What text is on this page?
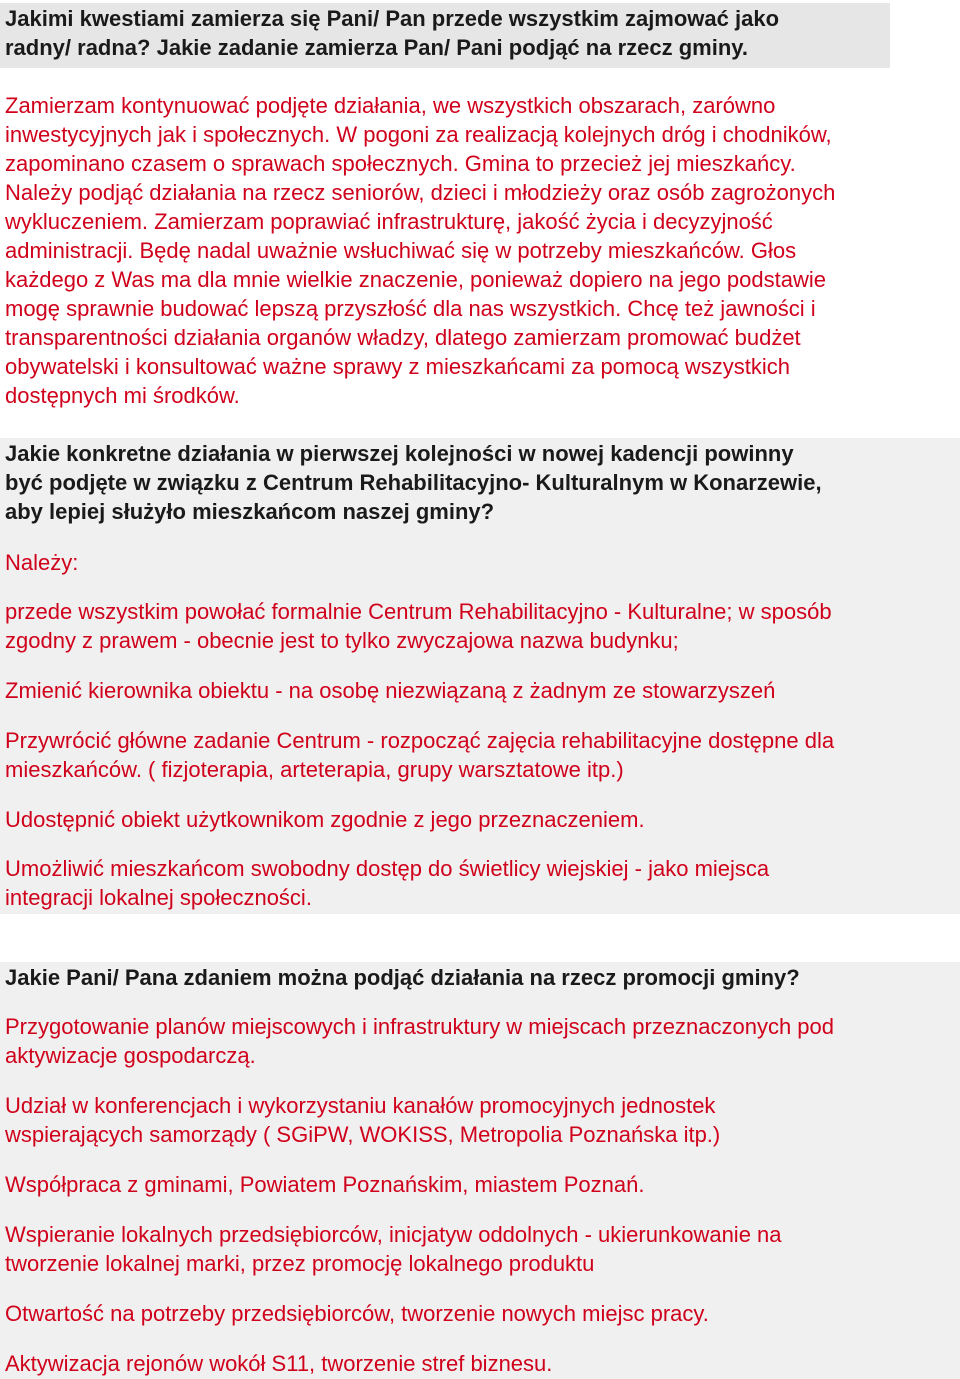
Jakimi kwestiami zamierza się Pani/ Pan przede wszystkim zajmować jako

radny/ radna? Jakie zadanie zamierza Pan/ Pani podjąć na rzecz gminy.

Zamierzam kontynuować podjęte działania, we wszystkich obszarach, zarówno

inwestycyjnych jak i społecznych. W pogoni za realizacją kolejnych dróg i chodników,

zapominano czasem o sprawach społecznych. Gmina to przecież jej mieszkańcy.

Należy podjąć działania na rzecz seniorów, dzieci i młodzieży oraz osób zagrożonych

wykluczeniem. Zamierzam poprawiać infrastrukturę, jakość życia i decyzyjność

administracji. Będę nadal uważnie wsłuchiwać się w potrzeby mieszkańców. Głos

każdego z Was ma dla mnie wielkie znaczenie, ponieważ dopiero na jego podstawie

mogę sprawnie budować lepszą przyszłość dla nas wszystkich. Chcę też jawności i

transparentności działania organów władzy, dlatego zamierzam promować budżet

obywatelski i konsultować ważne sprawy z mieszkańcami za pomocą wszystkich

dostępnych mi środków.

Jakie konkretne działania w pierwszej kolejności w nowej kadencji powinny

być podjęte w związku z Centrum Rehabilitacyjno- Kulturalnym w Konarzewie,

aby lepiej służyło mieszkańcom naszej gminy?

Należy:

przede wszystkim powołać formalnie Centrum Rehabilitacyjno - Kulturalne; w sposób

zgodny z prawem - obecnie jest to tylko zwyczajowa nazwa budynku;

Zmienić kierownika obiektu - na osobę niezwiązaną z żadnym ze stowarzyszeń

Przywrócić główne zadanie Centrum - rozpocząć zajęcia rehabilitacyjne dostępne dla

mieszkańców. ( fizjoterapia, arteterapia, grupy warsztatowe itp.)

Udostępnić obiekt użytkownikom zgodnie z jego przeznaczeniem.

Umożliwić mieszkańcom swobodny dostęp do świetlicy wiejskiej - jako miejsca

integracji lokalnej społeczności.

Jakie Pani/ Pana zdaniem można podjąć działania na rzecz promocji gminy?

Przygotowanie planów miejscowych i infrastruktury w miejscach przeznaczonych pod

aktywizacje gospodarczą.

Udział w konferencjach i wykorzystaniu kanałów promocyjnych jednostek

wspierających samorządy ( SGiPW, WOKISS, Metropolia Poznańska itp.)

Współpraca z gminami, Powiatem Poznańskim, miastem Poznań.

Wspieranie lokalnych przedsiębiorców, inicjatyw oddolnych - ukierunkowanie na

tworzenie lokalnej marki, przez promocję lokalnego produktu

Otwartość na potrzeby przedsiębiorców, tworzenie nowych miejsc pracy.

Aktywizacja rejonów wokół S11, tworzenie stref biznesu.
